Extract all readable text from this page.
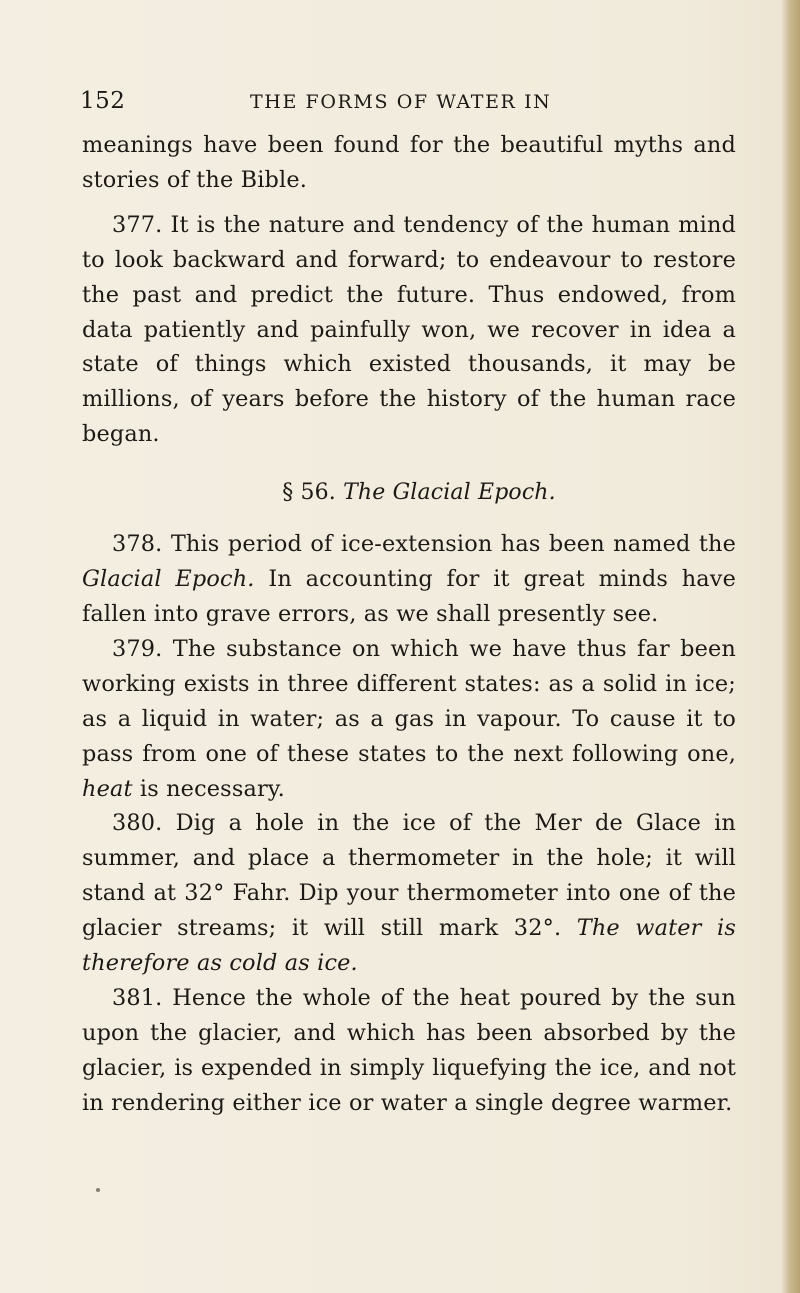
152	THE FORMS OF WATER IN

meanings have been found for the beautiful myths and stories of the Bible.

377. It is the nature and tendency of the human mind to look backward and forward; to endeavour to restore the past and predict the future. Thus endowed, from data patiently and painfully won, we recover in idea a state of things which existed thousands, it may be millions, of years before the history of the human race began.

§ 56. The Glacial Epoch.

378. This period of ice-extension has been named the Glacial Epoch. In accounting for it great minds have fallen into grave errors, as we shall presently see.

379. The substance on which we have thus far been working exists in three different states: as a solid in ice; as a liquid in water; as a gas in vapour. To cause it to pass from one of these states to the next following one, heat is necessary.

380. Dig a hole in the ice of the Mer de Glace in summer, and place a thermometer in the hole; it will stand at 32° Fahr. Dip your thermometer into one of the glacier streams; it will still mark 32°. The water is therefore as cold as ice.

381. Hence the whole of the heat poured by the sun upon the glacier, and which has been absorbed by the glacier, is expended in simply liquefying the ice, and not in rendering either ice or water a single degree warmer.
